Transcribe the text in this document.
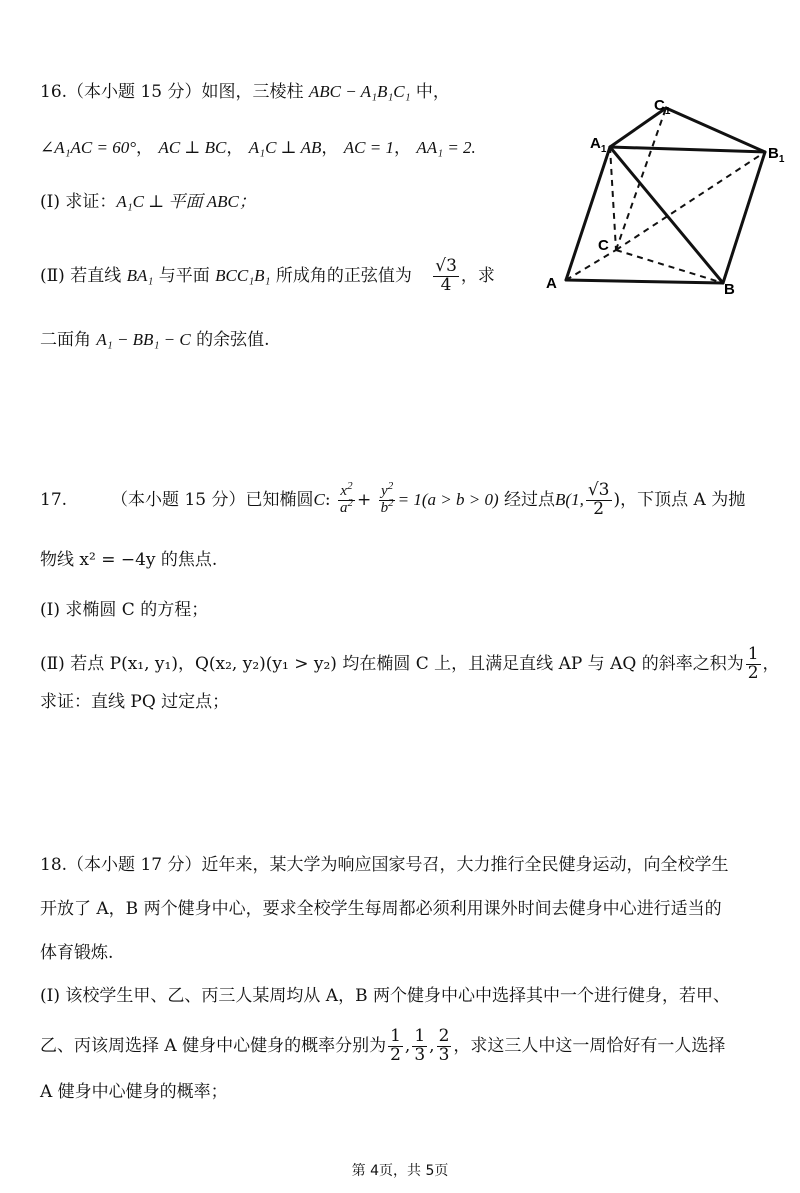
16.（本小题 15 分）如图，三棱柱 ABC − A₁B₁C₁ 中，
∠A₁AC = 60°， AC ⊥ BC， A₁C ⊥ AB， AC = 1， AA₁ = 2.
(Ⅰ) 求证：A₁C ⊥ 平面 ABC；
(Ⅱ) 若直线 BA₁ 与平面 BCC₁B₁ 所成角的正弦值为 $\frac{√3}{4}$ ，求
二面角 A₁ − BB₁ − C 的余弦值.
$C_1$
$A_1$	$B_1$
C
A	B
17.	（本小题 15 分）已知椭圆C: $\frac{x^2}{a^2} + \frac{y^2}{b^2} = 1(a > b > 0)$ 经过点B(1, $\frac{√3}{2}$ )，下顶点 A 为抛
物线 x² = −4y 的焦点.
(Ⅰ) 求椭圆 C 的方程；
(Ⅱ) 若点 P(x₁, y₁)，Q(x₂, y₂)(y₁ > y₂) 均在椭圆 C 上，且满足直线 AP 与 AQ 的斜率之积为 $\frac{1}{2}$ ，
求证：直线 PQ 过定点；
18.（本小题 17 分）近年来，某大学为响应国家号召，大力推行全民健身运动，向全校学生
开放了 A，B 两个健身中心，要求全校学生每周都必须利用课外时间去健身中心进行适当的
体育锻炼.
(Ⅰ) 该校学生甲、乙、丙三人某周均从 A，B 两个健身中心中选择其中一个进行健身，若甲、
乙、丙该周选择 A 健身中心健身的概率分别为 $\frac{1}{2}$ , $\frac{1}{3}$ , $\frac{2}{3}$ ，求这三人中这一周恰好有一人选择
A 健身中心健身的概率；
第 4页，共 5页
